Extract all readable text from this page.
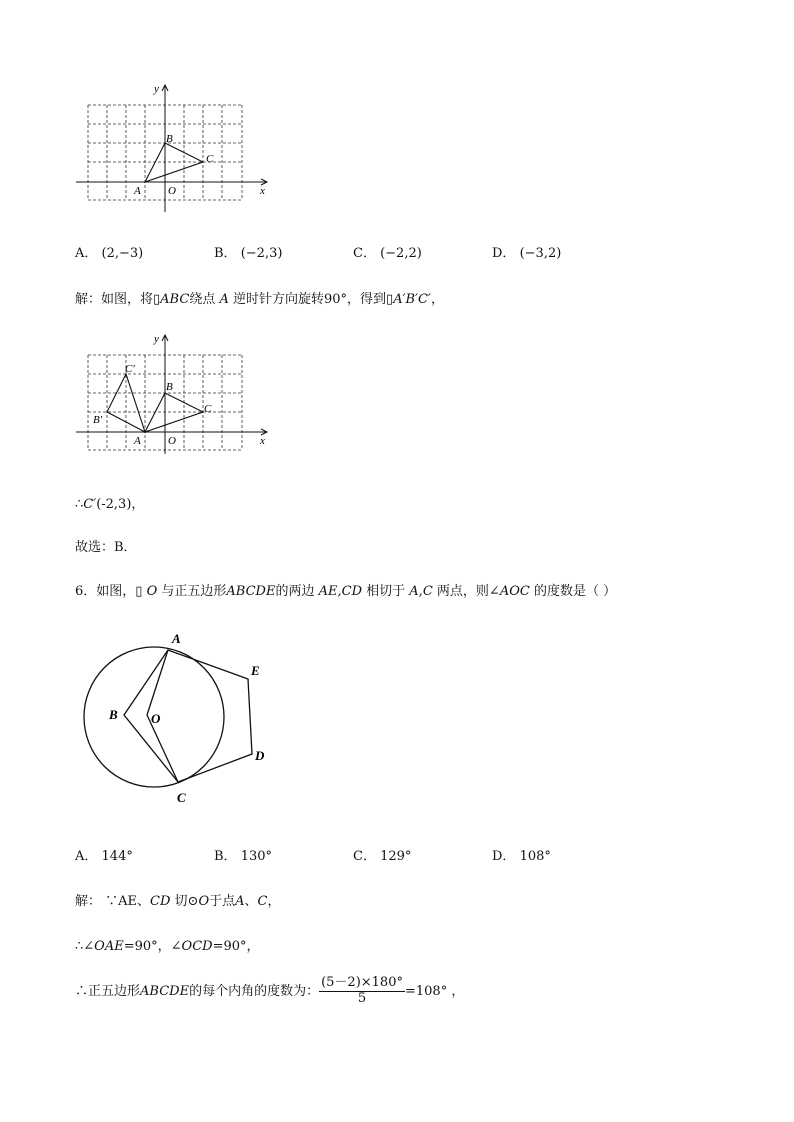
x
y
A
B
C
O
A． (2,−3)	B． (−2,3)	C． (−2,2)	D． (−3,2)
解：如图，将▯ABC绕点 A 逆时针方向旋转90°，得到▯A′B′C′，
x
y
A
B
C
O
B′
C′
∴C′(-2,3)，
故选：B．
6．如图，▯ O 与正五边形ABCDE的两边 AE,CD 相切于 A,C 两点，则∠AOC 的度数是（ ）
A
B
C
D
E
O
A． 144°	B． 130°	C． 129°	D． 108°
解： ∵AE、CD 切⊙O于点A、C，
∴∠OAE=90°，∠OCD=90°，
∴正五边形ABCDE的每个内角的度数为： $\frac{(5-2)\times 180^\circ}{5} =108^\circ$ ，
